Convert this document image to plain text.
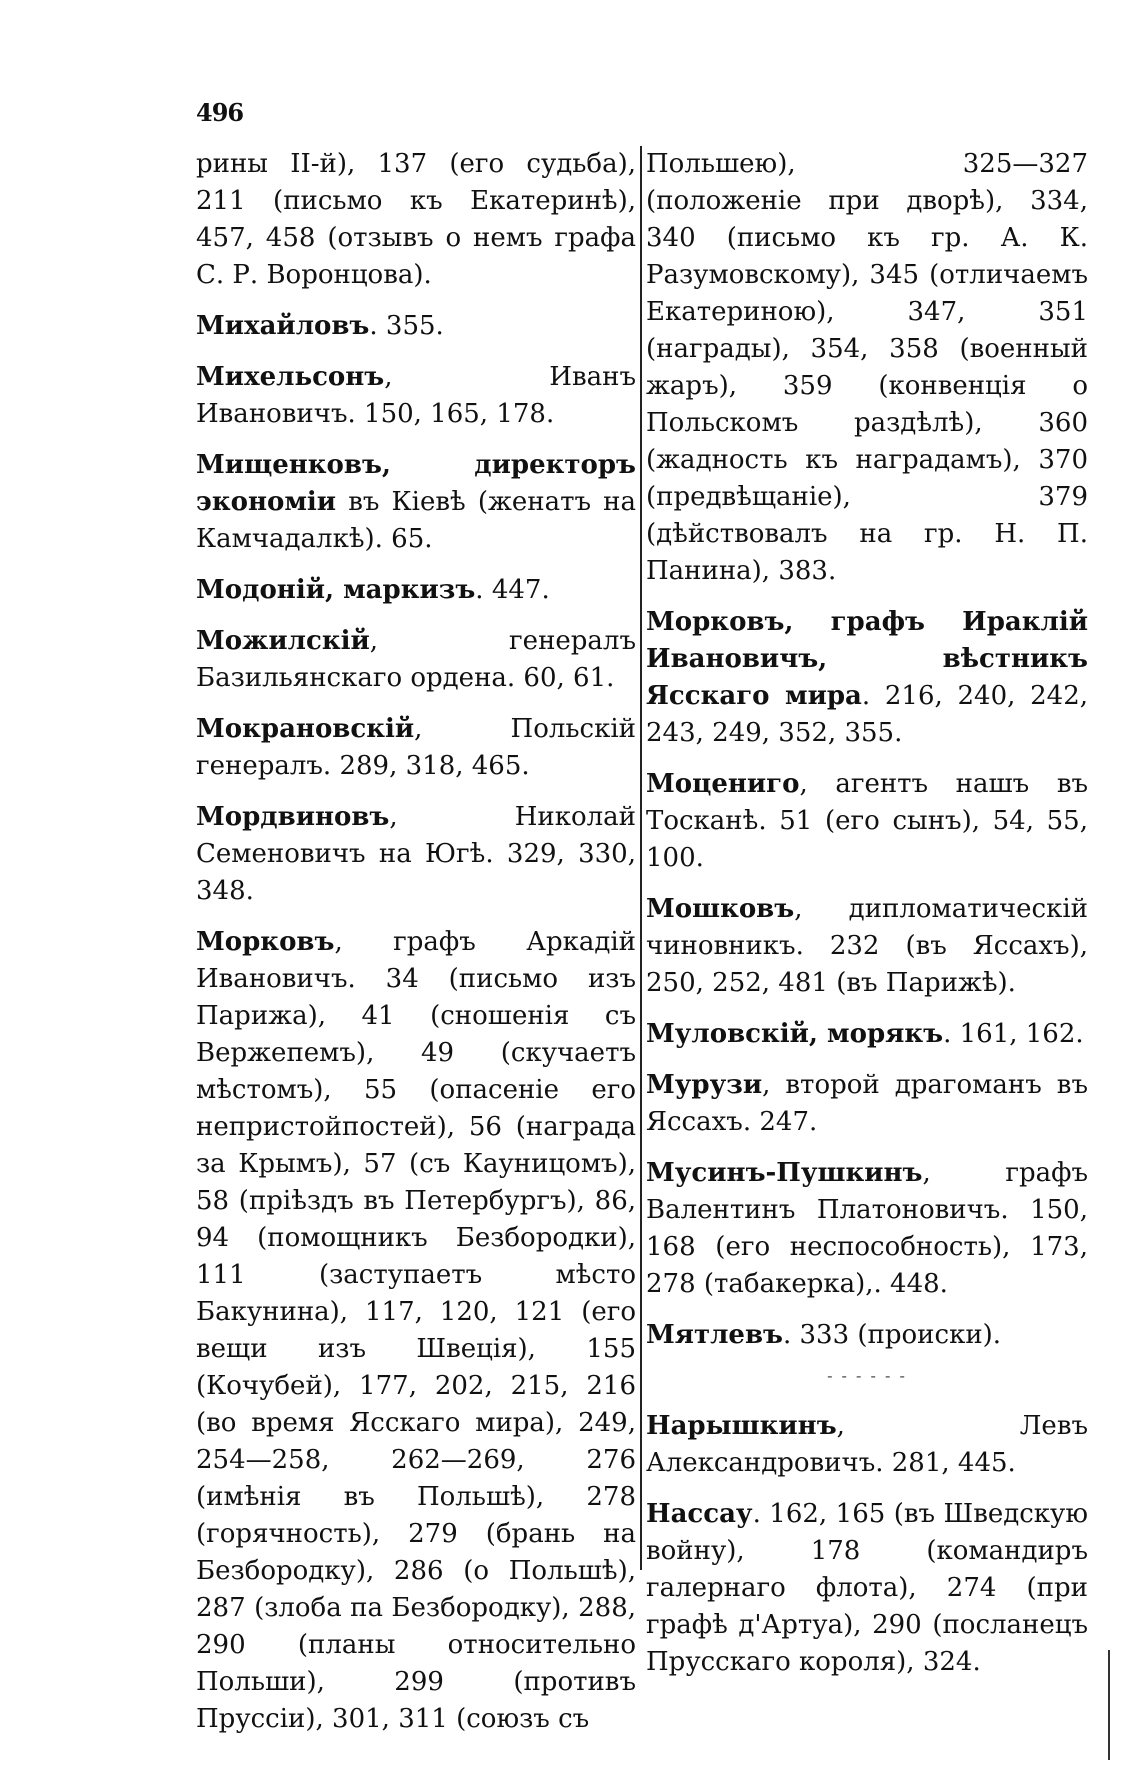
496

рины II-й), 137 (его судьба), 211 (письмо къ Екатеринѣ), 457, 458 (отзывъ о немъ графа С. Р. Воронцова).

Михайловъ. 355.

Михельсонъ, Иванъ Ивановичъ. 150, 165, 178.

Мищенковъ, директоръ экономіи въ Кіевѣ (женатъ на Камчадалкѣ). 65.

Модоній, маркизъ. 447.

Можилскій, генералъ Базильянскаго ордена. 60, 61.

Мокрановскій, Польскій генералъ. 289, 318, 465.

Мордвиновъ, Николай Семеновичъ на Югѣ. 329, 330, 348.

Морковъ, графъ Аркадій Ивановичъ. 34 (письмо изъ Парижа), 41 (сношенія съ Вержепемъ), 49 (скучаетъ мѣстомъ), 55 (опасеніе его непристойпостей), 56 (награда за Крымъ), 57 (съ Кауницомъ), 58 (пріѣздъ въ Петербургъ), 86, 94 (помощникъ Безбородки), 111 (заступаетъ мѣсто Бакунина), 117, 120, 121 (его вещи изъ Швеція), 155 (Кочубей), 177, 202, 215, 216 (во время Ясскаго мира), 249, 254—258, 262—269, 276 (имѣнія въ Польшѣ), 278 (горячность), 279 (брань на Безбородку), 286 (о Польшѣ), 287 (злоба па Безбородку), 288, 290 (планы относительно Польши), 299 (противъ Пруссіи), 301, 311 (союзъ съ

Польшею), 325—327 (положеніе при дворѣ), 334, 340 (письмо къ гр. А. К. Разумовскому), 345 (отличаемъ Екатериною), 347, 351 (награды), 354, 358 (военный жаръ), 359 (конвенція о Польскомъ раздѣлѣ), 360 (жадность къ наградамъ), 370 (предвѣщаніе), 379 (дѣйствовалъ на гр. Н. П. Панина), 383.

Морковъ, графъ Ираклій Ивановичъ, вѣстникъ Ясскаго мира. 216, 240, 242, 243, 249, 352, 355.

Моцениго, агентъ нашъ въ Тосканѣ. 51 (его сынъ), 54, 55, 100.

Мошковъ, дипломатическій чиновникъ. 232 (въ Яссахъ), 250, 252, 481 (въ Парижѣ).

Муловскій, морякъ. 161, 162.

Мурузи, второй драгоманъ въ Яссахъ. 247.

Мусинъ-Пушкинъ, графъ Валентинъ Платоновичъ. 150, 168 (его неспособность), 173, 278 (табакерка),. 448.

Мятлевъ. 333 (происки).

- - - - - -

Нарышкинъ, Левъ Александровичъ. 281, 445.

Нассау. 162, 165 (въ Шведскую войну), 178 (командиръ галернаго флота), 274 (при графѣ д'Артуа), 290 (посланецъ Прусскаго короля), 324.
